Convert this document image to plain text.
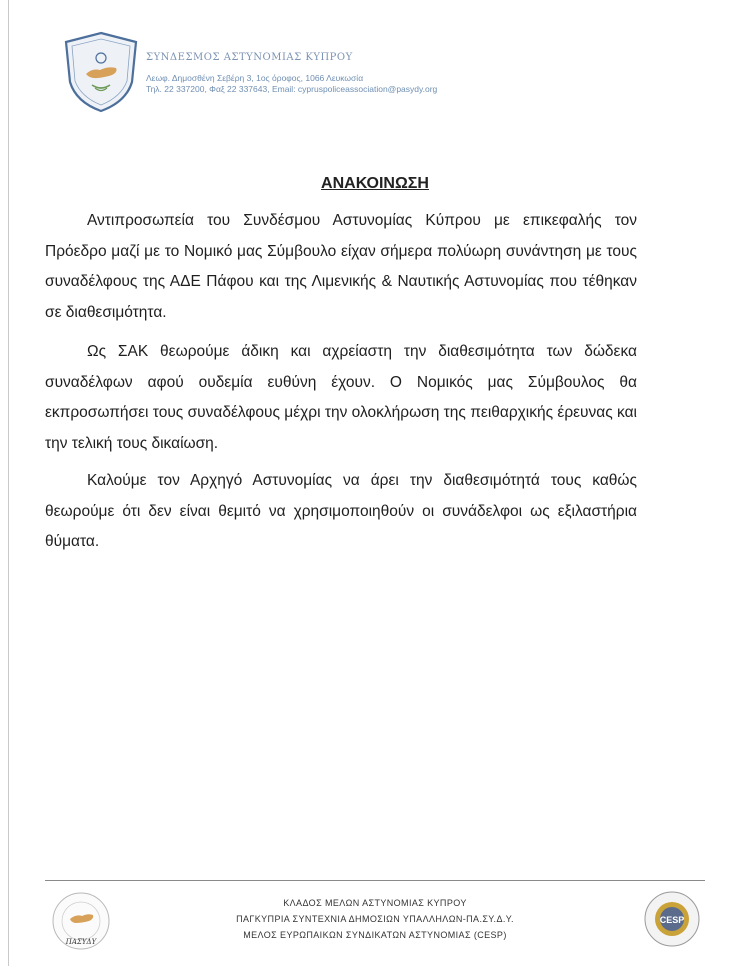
ΣΥΝΔΕΣΜΟΣ ΑΣΤΥΝΟΜΙΑΣ ΚΥΠΡΟΥ
Λεωφ. Δημοσθένη Σεβέρη 3, 1ος όροφος, 1066 Λευκωσία
Τηλ. 22 337200, Φαξ 22 337643, Email: cypruspoliceassociation@pasydy.org
ΑΝΑΚΟΙΝΩΣΗ

Αντιπροσωπεία του Συνδέσμου Αστυνομίας Κύπρου με επικεφαλής τον Πρόεδρο μαζί με το Νομικό μας Σύμβουλο είχαν σήμερα πολύωρη συνάντηση με τους συναδέλφους της ΑΔΕ Πάφου και της Λιμενικής & Ναυτικής Αστυνομίας που τέθηκαν σε διαθεσιμότητα.

Ως ΣΑΚ θεωρούμε άδικη και αχρείαστη την διαθεσιμότητα των δώδεκα συναδέλφων αφού ουδεμία ευθύνη έχουν. Ο Νομικός μας Σύμβουλος θα εκπροσωπήσει τους συναδέλφους μέχρι την ολοκλήρωση της πειθαρχικής έρευνας και την τελική τους δικαίωση.

Καλούμε τον Αρχηγό Αστυνομίας να άρει την διαθεσιμότητά τους καθώς θεωρούμε ότι δεν είναι θεμιτό να χρησιμοποιηθούν οι συνάδελφοι ως εξιλαστήρια θύματα.

ΠΑΣΥΔΥ
ΚΛΑΔΟΣ ΜΕΛΩΝ ΑΣΤΥΝΟΜΙΑΣ ΚΥΠΡΟΥ
ΠΑΓΚΥΠΡΙΑ ΣΥΝΤΕΧΝΙΑ ΔΗΜΟΣΙΩΝ ΥΠΑΛΛΗΛΩΝ-ΠΑ.ΣΥ.Δ.Υ.
ΜΕΛΟΣ ΕΥΡΩΠΑΙΚΩΝ ΣΥΝΔΙΚΑΤΩΝ ΑΣΤΥΝΟΜΙΑΣ (CESP)
CESP
